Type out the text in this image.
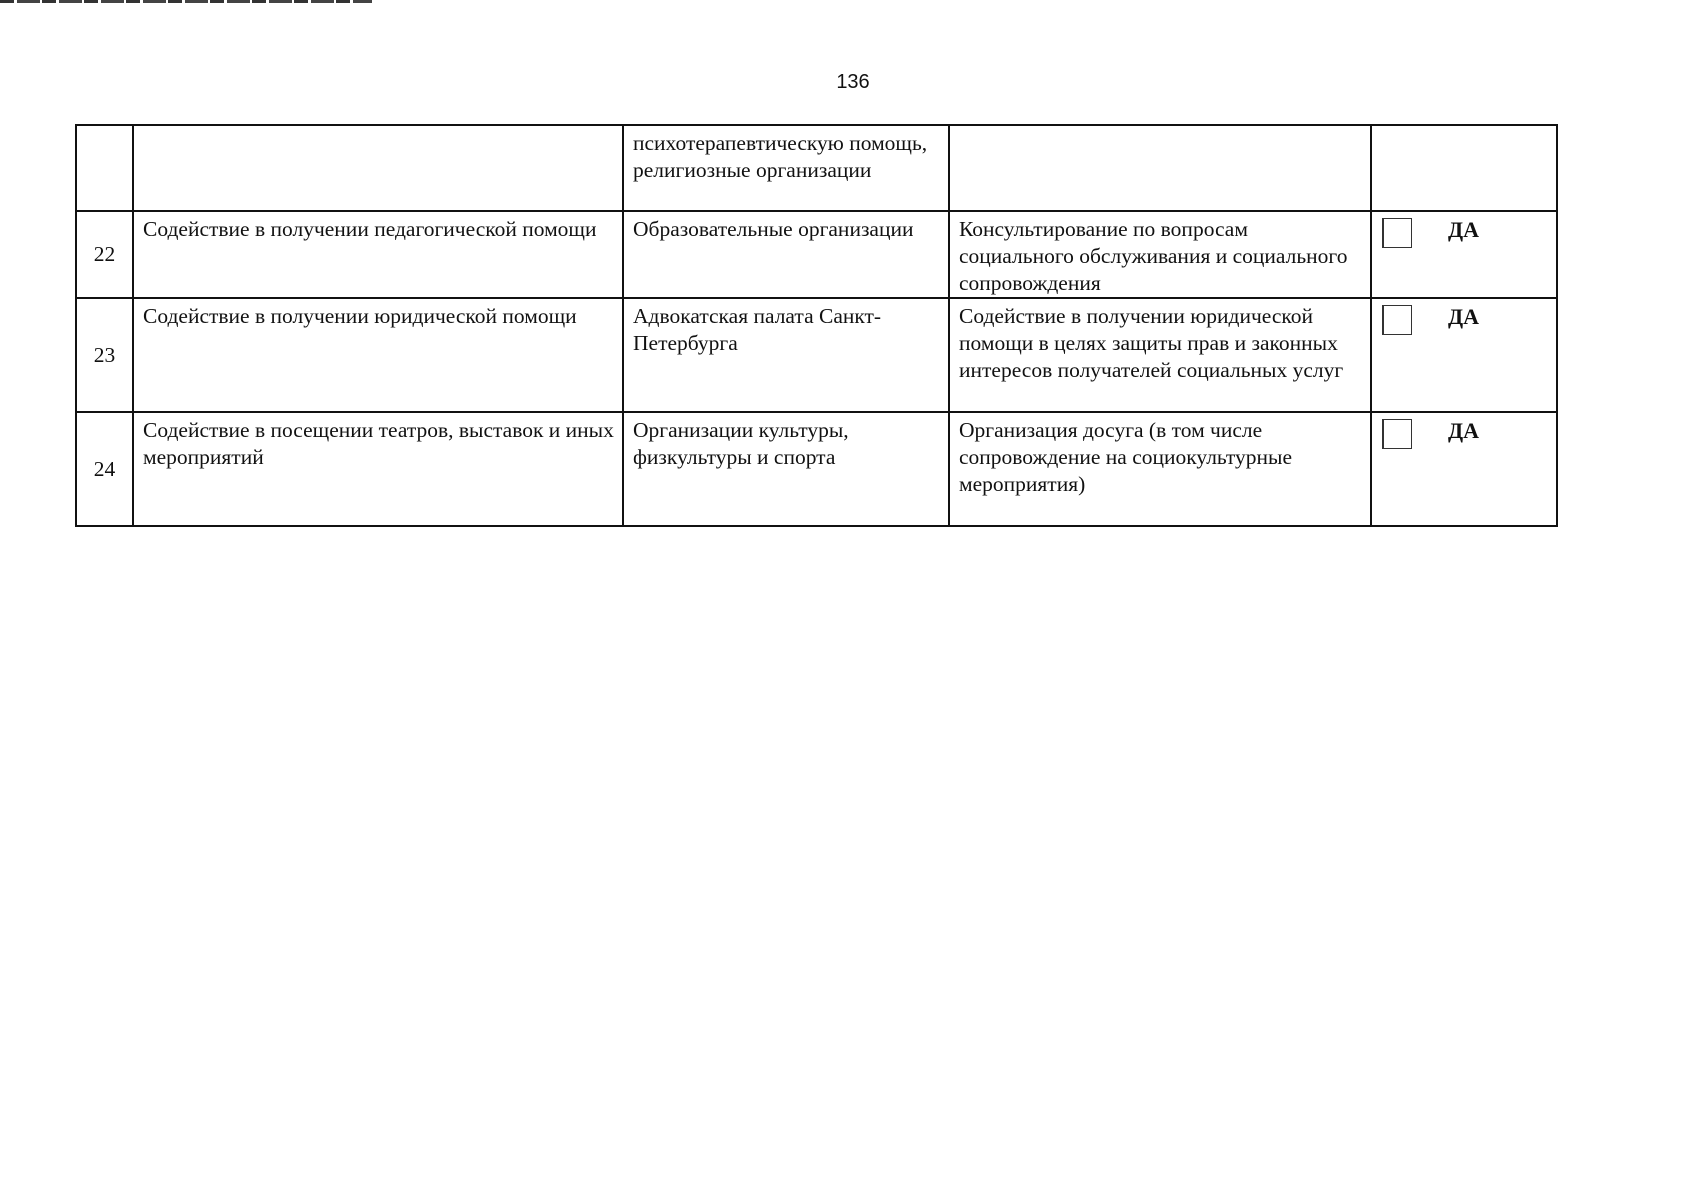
136
		психотерапевтическую помощь, религиозные организации		
22	Содействие в получении педагогической помощи	Образовательные организации	Консультирование по вопросам социального обслуживания и социального сопровождения	ДА

23	Содействие в получении юридической помощи	Адвокатская палата Санкт-Петербурга	Содействие в получении юридической помощи в целях защиты прав и законных интересов получателей социальных услуг	ДА

24	Содействие в посещении театров, выставок и иных мероприятий	Организации культуры, физкультуры и спорта	Организация досуга (в том числе сопровождение на социокультурные мероприятия)	ДА
